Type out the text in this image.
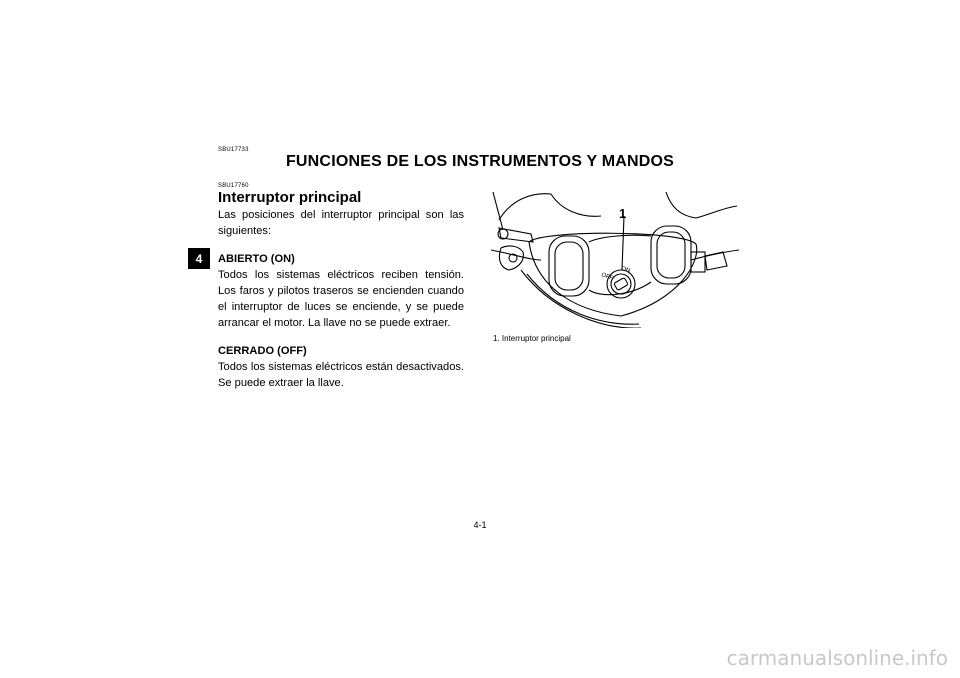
SBU17733
FUNCIONES DE LOS INSTRUMENTOS Y MANDOS
4
SBU17760
Interruptor principal

Las posiciones del interruptor principal son las siguientes:

ABIERTO (ON)

Todos los sistemas eléctricos reciben tensión. Los faros y pilotos traseros se encienden cuando el interruptor de luces se enciende, y se puede arrancar el motor. La llave no se puede extraer.

CERRADO (OFF)

Todos los sistemas eléctricos están desactivados. Se puede extraer la llave.

1
OFF
ON
1. Interruptor principal
4-1
carmanualsonline.info
